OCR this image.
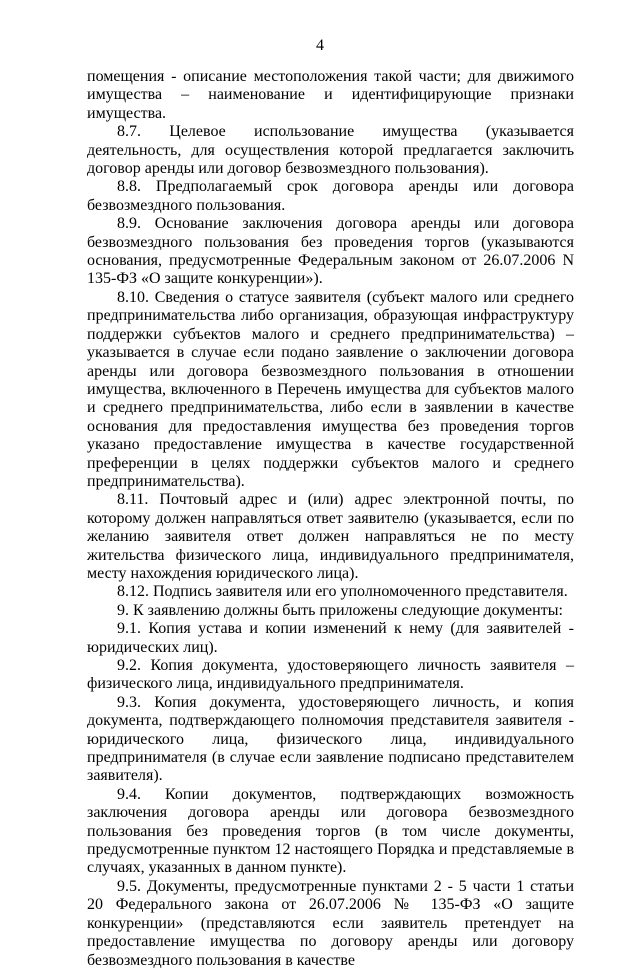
4

помещения - описание местоположения такой части; для движимого имущества – наименование и идентифицирующие признаки имущества.

8.7. Целевое использование имущества (указывается деятельность, для осуществления которой предлагается заключить договор аренды или договор безвозмездного пользования).

8.8. Предполагаемый срок договора аренды или договора безвозмездного пользования.

8.9. Основание заключения договора аренды или договора безвозмездного пользования без проведения торгов (указываются основания, предусмотренные Федеральным законом от 26.07.2006 N 135-ФЗ «О защите конкуренции»).

8.10. Сведения о статусе заявителя (субъект малого или среднего предпринимательства либо организация, образующая инфраструктуру поддержки субъектов малого и среднего предпринимательства) – указывается в случае если подано заявление о заключении договора аренды или договора безвозмездного пользования в отношении имущества, включенного в Перечень имущества для субъектов малого и среднего предпринимательства, либо если в заявлении в качестве основания для предоставления имущества без проведения торгов указано предоставление имущества в качестве государственной преференции в целях поддержки субъектов малого и среднего предпринимательства).

8.11. Почтовый адрес и (или) адрес электронной почты, по которому должен направляться ответ заявителю (указывается, если по желанию заявителя ответ должен направляться не по месту жительства физического лица, индивидуального предпринимателя, месту нахождения юридического лица).

8.12. Подпись заявителя или его уполномоченного представителя.

9. К заявлению должны быть приложены следующие документы:

9.1. Копия устава и копии изменений к нему (для заявителей - юридических лиц).

9.2. Копия документа, удостоверяющего личность заявителя – физического лица, индивидуального предпринимателя.

9.3. Копия документа, удостоверяющего личность, и копия документа, подтверждающего полномочия представителя заявителя - юридического лица, физического лица, индивидуального предпринимателя (в случае если заявление подписано представителем заявителя).

9.4. Копии документов, подтверждающих возможность заключения договора аренды или договора безвозмездного пользования без проведения торгов (в том числе документы, предусмотренные пунктом 12 настоящего Порядка и представляемые в случаях, указанных в данном пункте).

9.5. Документы, предусмотренные пунктами 2 - 5 части 1 статьи 20 Федерального закона от 26.07.2006 № 135-ФЗ «О защите конкуренции» (представляются если заявитель претендует на предоставление имущества по договору аренды или договору безвозмездного пользования в качестве
